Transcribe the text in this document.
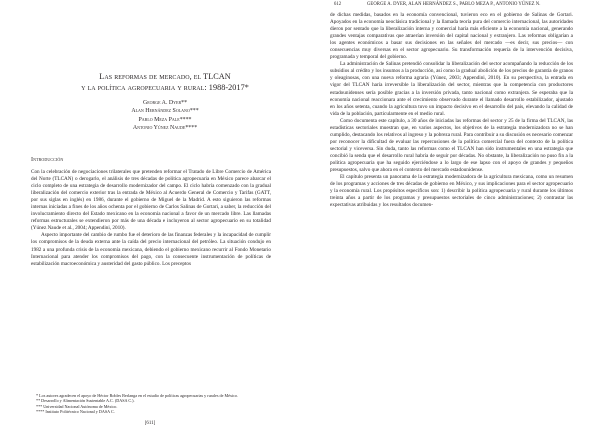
Las reformas de mercado, el TLCAN
y la política agropecuaria y rural: 1988-2017*
George A. Dyer**
Alan Hernández Solano***
Pablo Meza Pale****
Antonio Yúnez Naude****
Introducción

Con la celebración de negociaciones trilaterales que pretenden reformar el Tratado de Libre Comercio de América del Norte (TLCAN) o derogarlo, el análisis de tres décadas de política agropecuaria en México parece abarcar el ciclo completo de una estrategia de desarrollo modernizador del campo. El ciclo habría comenzado con la gradual liberalización del comercio exterior tras la entrada de México al Acuerdo General de Comercio y Tarifas (GATT, por sus siglas en inglés) en 1986, durante el gobierno de Miguel de la Madrid. A esto siguieron las reformas internas iniciadas a fines de los años ochenta por el gobierno de Carlos Salinas de Gortari, a saber, la reducción del involucramiento directo del Estado mexicano en la economía nacional a favor de un mercado libre. Las llamadas reformas estructurales se extendieron por más de una década e incluyeron al sector agropecuario en su totalidad (Yúnez Naude et al., 2004; Appendini, 2010).

Aspecto importante del cambio de rumbo fue el deterioro de las finanzas federales y la incapacidad de cumplir los compromisos de la deuda externa ante la caída del precio internacional del petróleo. La situación condujo en 1982 a una profunda crisis de la economía mexicana, debiendo el gobierno mexicano recurrir al Fondo Monetario Internacional para atender los compromisos del pago, con la consecuente instrumentación de políticas de estabilización macroeconómica y austeridad del gasto público. Los preceptos

* Los autores agradecen el apoyo de Héctor Robles Berlanga en el estudio de políticas agropecuarias y rurales de México.
** Desarrollo y Alimentación Sustentable A.C. (DASA C.).
*** Universidad Nacional Autónoma de México.
**** Instituto Politécnico Nacional y DASA C.
[611]
612	GEORGE A. DYER, ALAN HERNÁNDEZ S., PABLO MEZA P., ANTONIO YÚNEZ N.

de dichas medidas, basados en la economía convencional, tuvieron eco en el gobierno de Salinas de Gortari. Apoyados en la economía neoclásica tradicional y la llamada teoría pura del comercio internacional, las autoridades dieron por sentado que la liberalización interna y comercial haría más eficiente a la economía nacional, generando grandes ventajas comparativas que atraerían inversión del capital nacional y extranjero. Las reformas obligarían a los agentes económicos a basar sus decisiones en las señales del mercado —es decir, sus precios— con consecuencias muy diversas en el sector agropecuario. Su transformación requería de la intervención decisiva, programada y temporal del gobierno.

La administración de Salinas pretendió consolidar la liberalización del sector acompañando la reducción de los subsidios al crédito y los insumos a la producción, así como la gradual abolición de los precios de garantía de granos y oleaginosas, con una nueva reforma agraria (Yúnez, 2003; Appendini, 2010). En su perspectiva, la entrada en vigor del TLCAN haría irreversible la liberalización del sector, mientras que la competencia con productores estadounidenses sería posible gracias a la inversión privada, tanto nacional como extranjera. Se esperaba que la economía nacional reaccionara ante el crecimiento observado durante el llamado desarrollo estabilizador, ajustado en los años setenta, cuando la agricultura tuvo un impacto decisivo en el desarrollo del país, elevando la calidad de vida de la población, particularmente en el medio rural.

Como documenta este capítulo, a 30 años de iniciadas las reformas del sector y 25 de la firma del TLCAN, las estadísticas sectoriales muestran que, en varios aspectos, los objetivos de la estrategia modernizadora no se han cumplido, destacando los relativos al ingreso y la pobreza rural. Para contribuir a su discusión es necesario comenzar por reconocer la dificultad de evaluar las repercusiones de la política comercial fuera del contexto de la política sectorial y viceversa. Sin duda, tanto las reformas como el TLCAN han sido instrumentales en una estrategia que concibió la senda que el desarrollo rural habría de seguir por décadas. No obstante, la liberalización no puso fin a la política agropecuaria que ha seguido ejerciéndose a lo largo de ese lapso con el apoyo de grandes y pequeños presupuestos, salvo que ahora en el contexto del mercado estadounidense.

El capítulo presenta un panorama de la estrategia modernizadora de la agricultura mexicana, como un resumen de los programas y acciones de tres décadas de gobierno en México, y sus implicaciones para el sector agropecuario y la economía rural. Los propósitos específicos son: 1) describir la política agropecuaria y rural durante los últimos treinta años a partir de los programas y presupuestos sectoriales de cinco administraciones; 2) contrastar las expectativas atribuidas y los resultados documen-
